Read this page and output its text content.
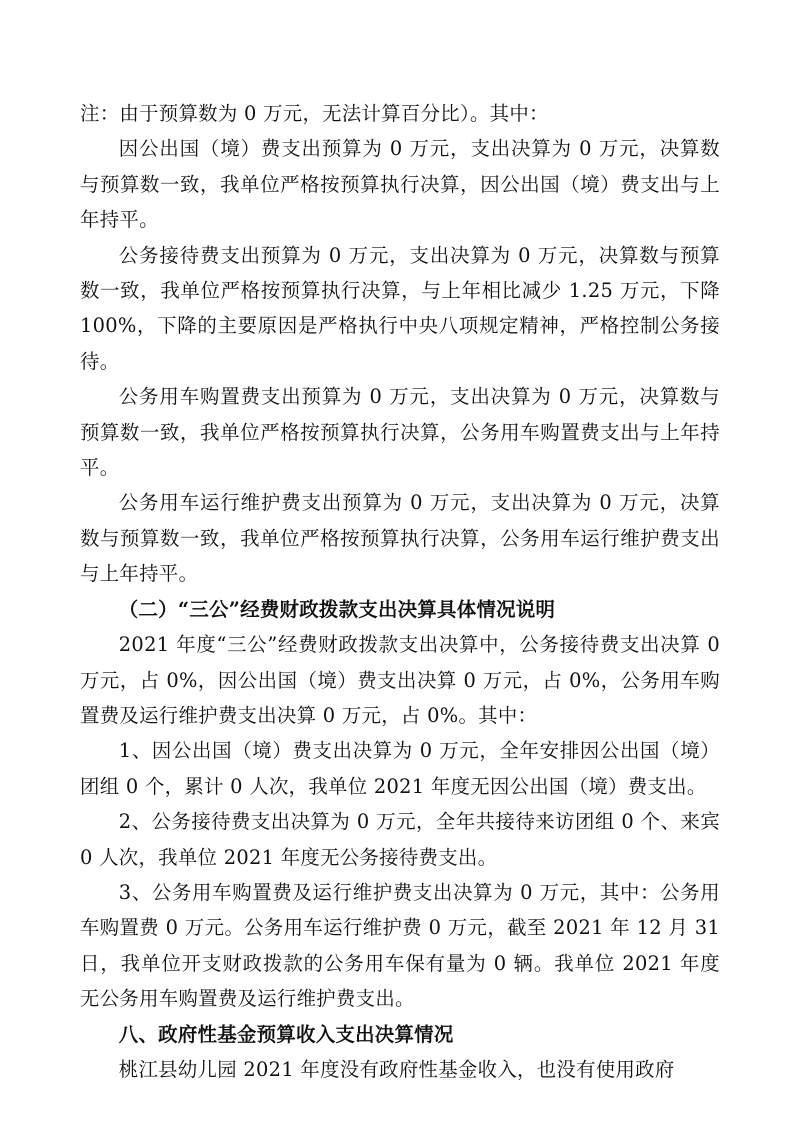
注：由于预算数为 0 万元，无法计算百分比）。其中：

因公出国（境）费支出预算为 0 万元，支出决算为 0 万元，决算数与预算数一致，我单位严格按预算执行决算，因公出国（境）费支出与上年持平。

公务接待费支出预算为 0 万元，支出决算为 0 万元，决算数与预算数一致，我单位严格按预算执行决算，与上年相比减少 1.25 万元，下降 100%，下降的主要原因是严格执行中央八项规定精神，严格控制公务接待。

公务用车购置费支出预算为 0 万元，支出决算为 0 万元，决算数与预算数一致，我单位严格按预算执行决算，公务用车购置费支出与上年持平。

公务用车运行维护费支出预算为 0 万元，支出决算为 0 万元，决算数与预算数一致，我单位严格按预算执行决算，公务用车运行维护费支出与上年持平。

（二）“三公”经费财政拨款支出决算具体情况说明

2021 年度“三公”经费财政拨款支出决算中，公务接待费支出决算 0 万元，占 0%，因公出国（境）费支出决算 0 万元，占 0%，公务用车购置费及运行维护费支出决算 0 万元，占 0%。其中：

1、因公出国（境）费支出决算为 0 万元，全年安排因公出国（境）团组 0 个，累计 0 人次，我单位 2021 年度无因公出国（境）费支出。

2、公务接待费支出决算为 0 万元，全年共接待来访团组 0 个、来宾 0 人次，我单位 2021 年度无公务接待费支出。

3、公务用车购置费及运行维护费支出决算为 0 万元，其中：公务用车购置费 0 万元。公务用车运行维护费 0 万元，截至 2021 年 12 月 31 日，我单位开支财政拨款的公务用车保有量为 0 辆。我单位 2021 年度无公务用车购置费及运行维护费支出。

八、政府性基金预算收入支出决算情况

桃江县幼儿园 2021 年度没有政府性基金收入，也没有使用政府
